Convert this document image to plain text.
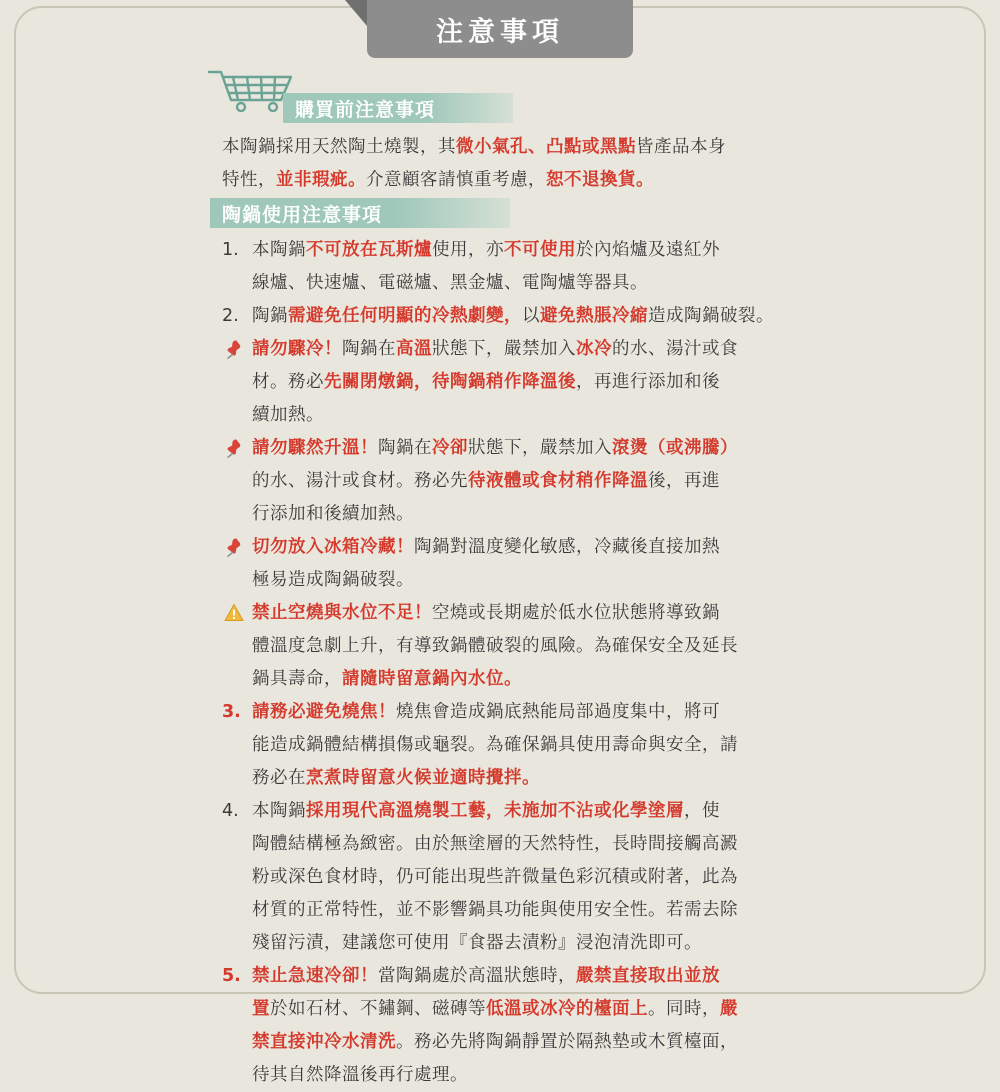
注意事項
購買前注意事項
本陶鍋採用天然陶土燒製，其微小氣孔、凸點或黑點皆產品本身
特性，並非瑕疵。介意顧客請慎重考慮，恕不退換貨。
陶鍋使用注意事項
1. 本陶鍋不可放在瓦斯爐使用，亦不可使用於內焰爐及遠紅外
線爐、快速爐、電磁爐、黑金爐、電陶爐等器具。
2. 陶鍋需避免任何明顯的冷熱劇變，以避免熱脹冷縮造成陶鍋破裂。
請勿驟冷！陶鍋在高溫狀態下，嚴禁加入冰冷的水、湯汁或食
材。務必先關閉燉鍋，待陶鍋稍作降溫後，再進行添加和後
續加熱。
請勿驟然升溫！陶鍋在冷卻狀態下，嚴禁加入滾燙（或沸騰）
的水、湯汁或食材。務必先待液體或食材稍作降溫後，再進
行添加和後續加熱。
切勿放入冰箱冷藏！陶鍋對溫度變化敏感，冷藏後直接加熱
極易造成陶鍋破裂。
禁止空燒與水位不足！空燒或長期處於低水位狀態將導致鍋
體溫度急劇上升，有導致鍋體破裂的風險。為確保安全及延長
鍋具壽命，請隨時留意鍋內水位。
3. 請務必避免燒焦！燒焦會造成鍋底熱能局部過度集中，將可
能造成鍋體結構損傷或龜裂。為確保鍋具使用壽命與安全，請
務必在烹煮時留意火候並適時攪拌。
4. 本陶鍋採用現代高溫燒製工藝，未施加不沾或化學塗層，使
陶體結構極為緻密。由於無塗層的天然特性，長時間接觸高澱
粉或深色食材時，仍可能出現些許微量色彩沉積或附著，此為
材質的正常特性，並不影響鍋具功能與使用安全性。若需去除
殘留污漬，建議您可使用『食器去漬粉』浸泡清洗即可。
5. 禁止急速冷卻！當陶鍋處於高溫狀態時，嚴禁直接取出並放
置於如石材、不鏽鋼、磁磚等低溫或冰冷的檯面上。同時，嚴
禁直接沖冷水清洗。務必先將陶鍋靜置於隔熱墊或木質檯面，
待其自然降溫後再行處理。
